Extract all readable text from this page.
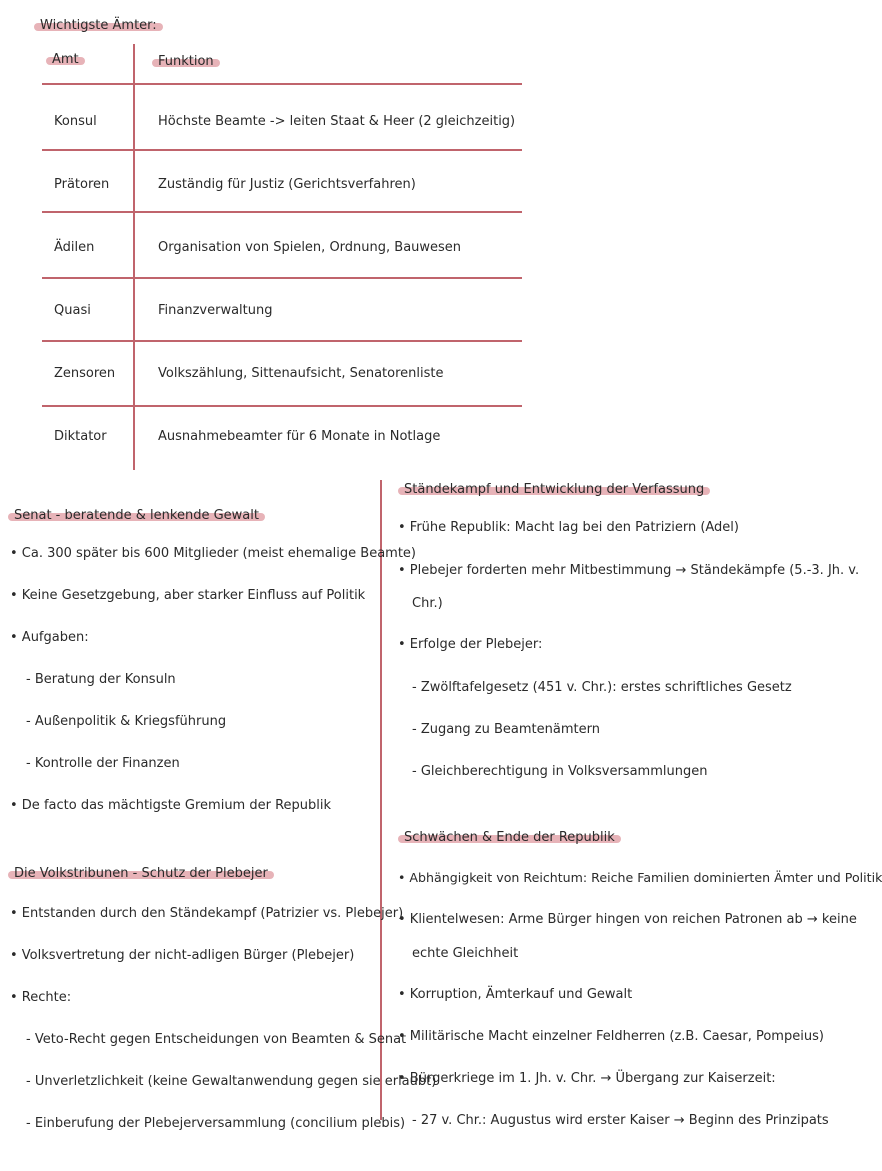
Wichtigste Ämter:
Amt	Funktion
Konsul	Höchste Beamte -> leiten Staat & Heer (2 gleichzeitig)
Prätoren	Zuständig für Justiz (Gerichtsverfahren)
Ädilen	Organisation von Spielen, Ordnung, Bauwesen
Quasi	Finanzverwaltung
Zensoren	Volkszählung, Sittenaufsicht, Senatorenliste
Diktator	Ausnahmebeamter für 6 Monate in Notlage
Senat - beratende & lenkende Gewalt
• Ca. 300 später bis 600 Mitglieder (meist ehemalige Beamte)
• Keine Gesetzgebung, aber starker Einfluss auf Politik
• Aufgaben:
- Beratung der Konsuln
- Außenpolitik & Kriegsführung
- Kontrolle der Finanzen
• De facto das mächtigste Gremium der Republik
Die Volkstribunen - Schutz der Plebejer
• Entstanden durch den Ständekampf (Patrizier vs. Plebejer)
• Volksvertretung der nicht-adligen Bürger (Plebejer)
• Rechte:
- Veto-Recht gegen Entscheidungen von Beamten & Senat
- Unverletzlichkeit (keine Gewaltanwendung gegen sie erlaubt)
- Einberufung der Plebejerversammlung (concilium plebis)
Ständekampf und Entwicklung der Verfassung
• Frühe Republik: Macht lag bei den Patriziern (Adel)
• Plebejer forderten mehr Mitbestimmung → Ständekämpfe (5.-3. Jh. v.
Chr.)
• Erfolge der Plebejer:
- Zwölftafelgesetz (451 v. Chr.): erstes schriftliches Gesetz
- Zugang zu Beamtenämtern
- Gleichberechtigung in Volksversammlungen
Schwächen & Ende der Republik
• Abhängigkeit von Reichtum: Reiche Familien dominierten Ämter und Politik
• Klientelwesen: Arme Bürger hingen von reichen Patronen ab → keine
echte Gleichheit
• Korruption, Ämterkauf und Gewalt
• Militärische Macht einzelner Feldherren (z.B. Caesar, Pompeius)
• Bürgerkriege im 1. Jh. v. Chr. → Übergang zur Kaiserzeit:
- 27 v. Chr.: Augustus wird erster Kaiser → Beginn des Prinzipats
